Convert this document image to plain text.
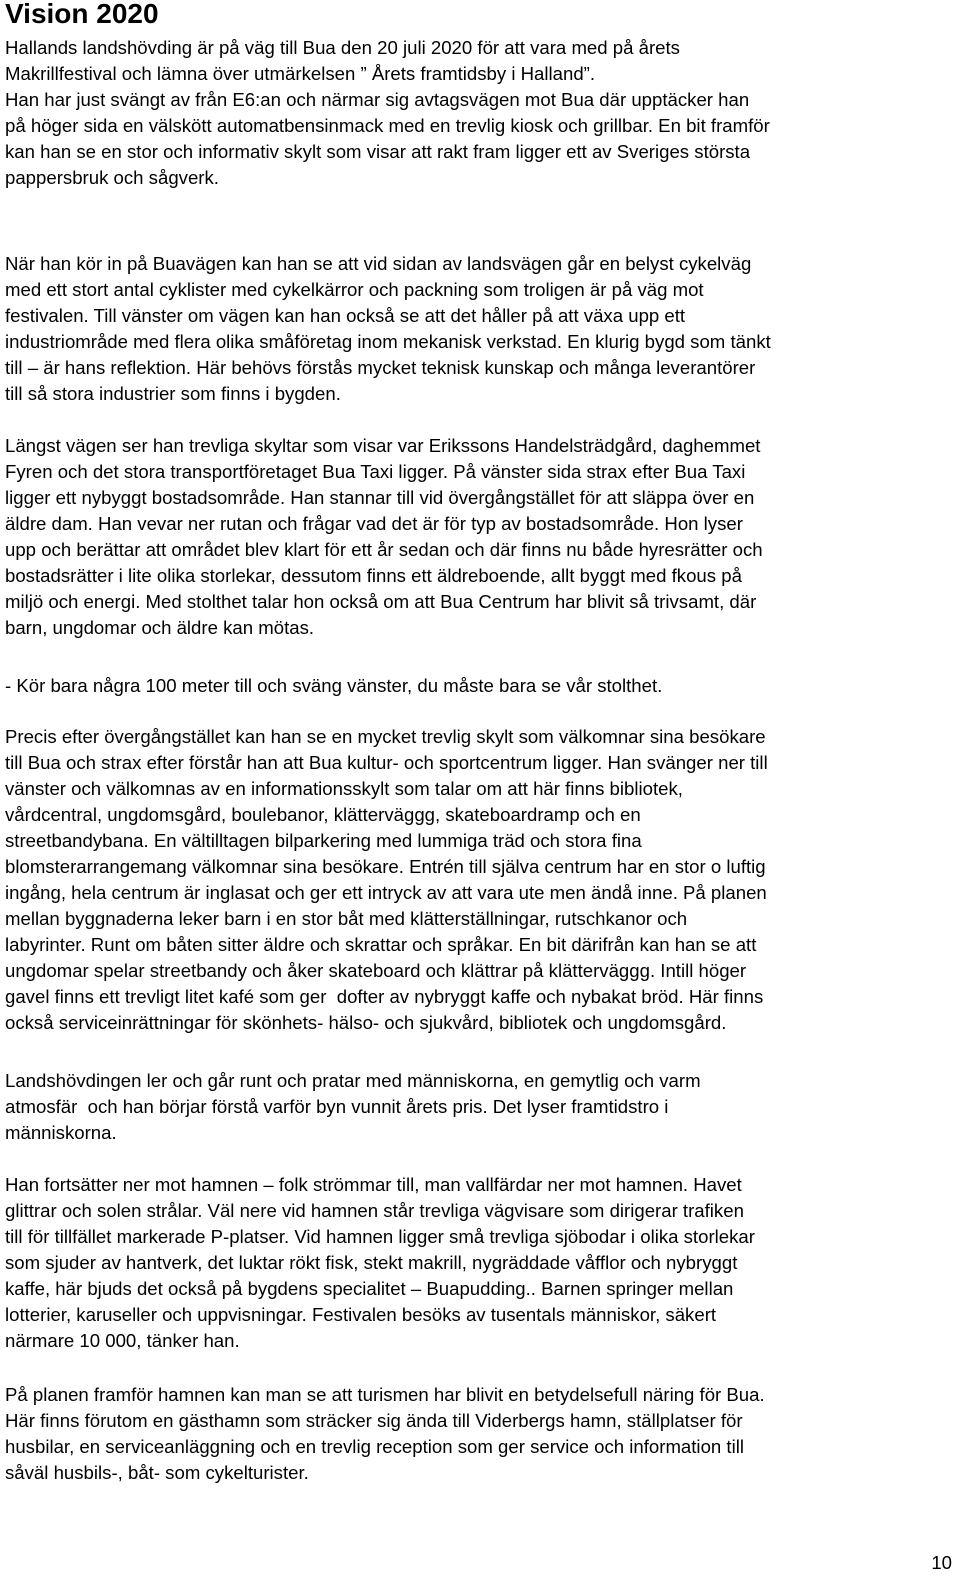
Vision 2020
Hallands landshövding är på väg till Bua den 20 juli 2020 för att vara med på årets
Makrillfestival och lämna över utmärkelsen ” Årets framtidsby i Halland”.
Han har just svängt av från E6:an och närmar sig avtagsvägen mot Bua där upptäcker han
på höger sida en välskött automatbensinmack med en trevlig kiosk och grillbar. En bit framför
kan han se en stor och informativ skylt som visar att rakt fram ligger ett av Sveriges största
pappersbruk och sågverk.
När han kör in på Buavägen kan han se att vid sidan av landsvägen går en belyst cykelväg
med ett stort antal cyklister med cykelkärror och packning som troligen är på väg mot
festivalen. Till vänster om vägen kan han också se att det håller på att växa upp ett
industriområde med flera olika småföretag inom mekanisk verkstad. En klurig bygd som tänkt
till – är hans reflektion. Här behövs förstås mycket teknisk kunskap och många leverantörer
till så stora industrier som finns i bygden.
Längst vägen ser han trevliga skyltar som visar var Erikssons Handelsträdgård, daghemmet
Fyren och det stora transportföretaget Bua Taxi ligger. På vänster sida strax efter Bua Taxi
ligger ett nybyggt bostadsområde. Han stannar till vid övergångstället för att släppa över en
äldre dam. Han vevar ner rutan och frågar vad det är för typ av bostadsområde. Hon lyser
upp och berättar att området blev klart för ett år sedan och där finns nu både hyresrätter och
bostadsrätter i lite olika storlekar, dessutom finns ett äldreboende, allt byggt med fkous på
miljö och energi. Med stolthet talar hon också om att Bua Centrum har blivit så trivsamt, där
barn, ungdomar och äldre kan mötas.
- Kör bara några 100 meter till och sväng vänster, du måste bara se vår stolthet.
Precis efter övergångstället kan han se en mycket trevlig skylt som välkomnar sina besökare
till Bua och strax efter förstår han att Bua kultur- och sportcentrum ligger. Han svänger ner till
vänster och välkomnas av en informationsskylt som talar om att här finns bibliotek,
vårdcentral, ungdomsgård, boulebanor, klätterväggg, skateboardramp och en
streetbandybana. En vältilltagen bilparkering med lummiga träd och stora fina
blomsterarrangemang välkomnar sina besökare. Entrén till själva centrum har en stor o luftig
ingång, hela centrum är inglasat och ger ett intryck av att vara ute men ändå inne. På planen
mellan byggnaderna leker barn i en stor båt med klätterställningar, rutschkanor och
labyrinter. Runt om båten sitter äldre och skrattar och språkar. En bit därifrån kan han se att
ungdomar spelar streetbandy och åker skateboard och klättrar på klätterväggg. Intill höger
gavel finns ett trevligt litet kafé som ger  dofter av nybryggt kaffe och nybakat bröd. Här finns
också serviceinrättningar för skönhets- hälso- och sjukvård, bibliotek och ungdomsgård.
Landshövdingen ler och går runt och pratar med människorna, en gemytlig och varm
atmosfär  och han börjar förstå varför byn vunnit årets pris. Det lyser framtidstro i
människorna.
Han fortsätter ner mot hamnen – folk strömmar till, man vallfärdar ner mot hamnen. Havet
glittrar och solen strålar. Väl nere vid hamnen står trevliga vägvisare som dirigerar trafiken
till för tillfället markerade P-platser. Vid hamnen ligger små trevliga sjöbodar i olika storlekar
som sjuder av hantverk, det luktar rökt fisk, stekt makrill, nygräddade våfflor och nybryggt
kaffe, här bjuds det också på bygdens specialitet – Buapudding.. Barnen springer mellan
lotterier, karuseller och uppvisningar. Festivalen besöks av tusentals människor, säkert
närmare 10 000, tänker han.
På planen framför hamnen kan man se att turismen har blivit en betydelsefull näring för Bua.
Här finns förutom en gästhamn som sträcker sig ända till Viderbergs hamn, ställplatser för
husbilar, en serviceanläggning och en trevlig reception som ger service och information till
såväl husbils-, båt- som cykelturister.
10
